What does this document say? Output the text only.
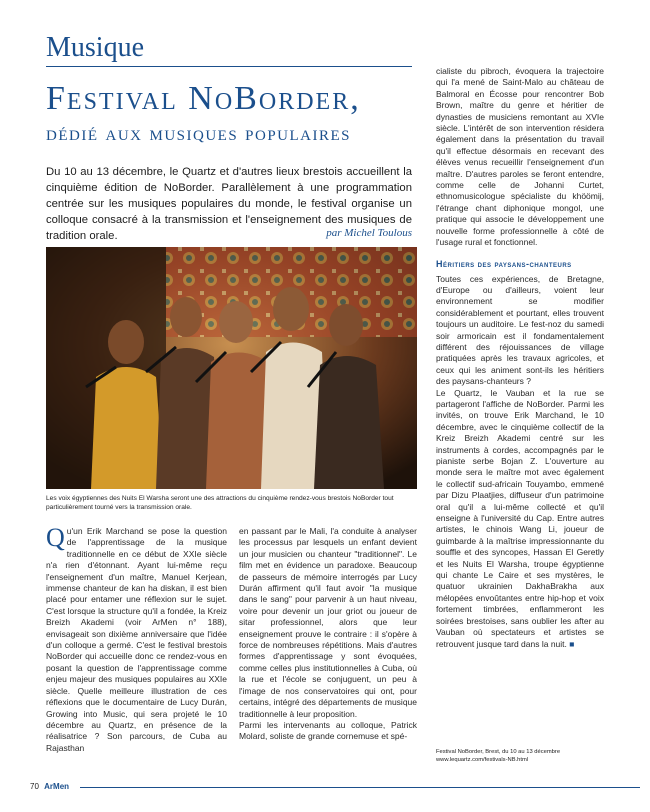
Musique
Festival NoBorder,
dédié aux musiques populaires
Du 10 au 13 décembre, le Quartz et d'autres lieux brestois accueillent la cinquième édition de NoBorder. Parallèlement à une programmation centrée sur les musiques populaires du monde, le festival organise un colloque consacré à la transmission et l'enseignement des musiques de tradition orale.	par Michel Toulous
Les voix égyptiennes des Nuits El Warsha seront une des attractions du cinquième rendez-vous brestois NoBorder tout particulièrement tourné vers la transmission orale.
Q u'un Erik Marchand se pose la question de l'apprentissage de la musique traditionnelle en ce début de XXIe siècle n'a rien d'étonnant. Ayant lui-même reçu l'enseignement d'un maître, Manuel Kerjean, immense chanteur de kan ha diskan, il est bien placé pour entamer une réflexion sur le sujet. C'est lorsque la structure qu'il a fondée, la Kreiz Breizh Akademi (voir ArMen n° 188), envisageait son dixième anniversaire que l'idée d'un colloque a germé. C'est le festival brestois NoBorder qui accueille donc ce rendez-vous en posant la question de l'apprentissage comme enjeu majeur des musiques populaires au XXIe siècle. Quelle meilleure illustration de ces réflexions que le documentaire de Lucy Durán, Growing into Music, qui sera projeté le 10 décembre au Quartz, en présence de la réalisatrice ? Son parcours, de Cuba au Rajasthan
en passant par le Mali, l'a conduite à analyser les processus par lesquels un enfant devient un jour musicien ou chanteur "traditionnel". Le film met en évidence un paradoxe. Beaucoup de passeurs de mémoire interrogés par Lucy Durán affirment qu'il faut avoir "la musique dans le sang" pour parvenir à un haut niveau, voire pour devenir un jour griot ou joueur de sitar professionnel, alors que leur enseignement prouve le contraire : il s'opère à force de nombreuses répétitions. Mais d'autres formes d'apprentissage y sont évoquées, comme celles plus institutionnelles à Cuba, où la rue et l'école se conjuguent, un peu à l'image de nos conservatoires qui ont, pour certains, intégré des départements de musique traditionnelle à leur proposition.
Parmi les intervenants au colloque, Patrick Molard, soliste de grande cornemuse et spé-
cialiste du pibroch, évoquera la trajectoire qui l'a mené de Saint-Malo au château de Balmoral en Écosse pour rencontrer Bob Brown, maître du genre et héritier de dynasties de musiciens remontant au XVIe siècle. L'intérêt de son intervention résidera également dans la présentation du travail qu'il effectue désormais en recevant des élèves venus recueillir l'enseignement d'un maître. D'autres paroles se feront entendre, comme celle de Johanni Curtet, ethnomusicologue spécialiste du khöömij, l'étrange chant diphonique mongol, une pratique qui associe le développement une nouvelle forme professionnelle à côté de l'usage rural et fonctionnel.
Héritiers des paysans-chanteurs
Toutes ces expériences, de Bretagne, d'Europe ou d'ailleurs, voient leur environnement se modifier considérablement et pourtant, elles trouvent toujours un auditoire. Le fest-noz du samedi soir armoricain est il fondamentalement différent des réjouissances de village pratiquées après les travaux agricoles, et ceux qui les animent sont-ils les héritiers des paysans-chanteurs ?
Le Quartz, le Vauban et la rue se partageront l'affiche de NoBorder. Parmi les invités, on trouve Erik Marchand, le 10 décembre, avec le cinquième collectif de la Kreiz Breizh Akademi centré sur les instruments à cordes, accompagnés par le pianiste serbe Bojan Z. L'ouverture au monde sera le maître mot avec également le collectif sud-africain Touyambo, emmené par Dizu Plaatjies, diffuseur d'un patrimoine oral qu'il a lui-même collecté et qu'il enseigne à l'université du Cap. Entre autres artistes, le chinois Wang Li, joueur de guimbarde à la maîtrise impressionnante du souffle et des syncopes, Hassan El Geretly et les Nuits El Warsha, troupe égyptienne qui chante Le Caire et ses mystères, le quatuor ukrainien DakhaBrakha aux mélopées envoûtantes entre hip-hop et voix fortement timbrées, enflammeront les soirées brestoises, sans oublier les after au Vauban où spectateurs et artistes se retrouvent jusque tard dans la nuit. ■
Festival NoBorder, Brest, du 10 au 13 décembre
www.lequartz.com/festivals-NB.html
70 ArMen
